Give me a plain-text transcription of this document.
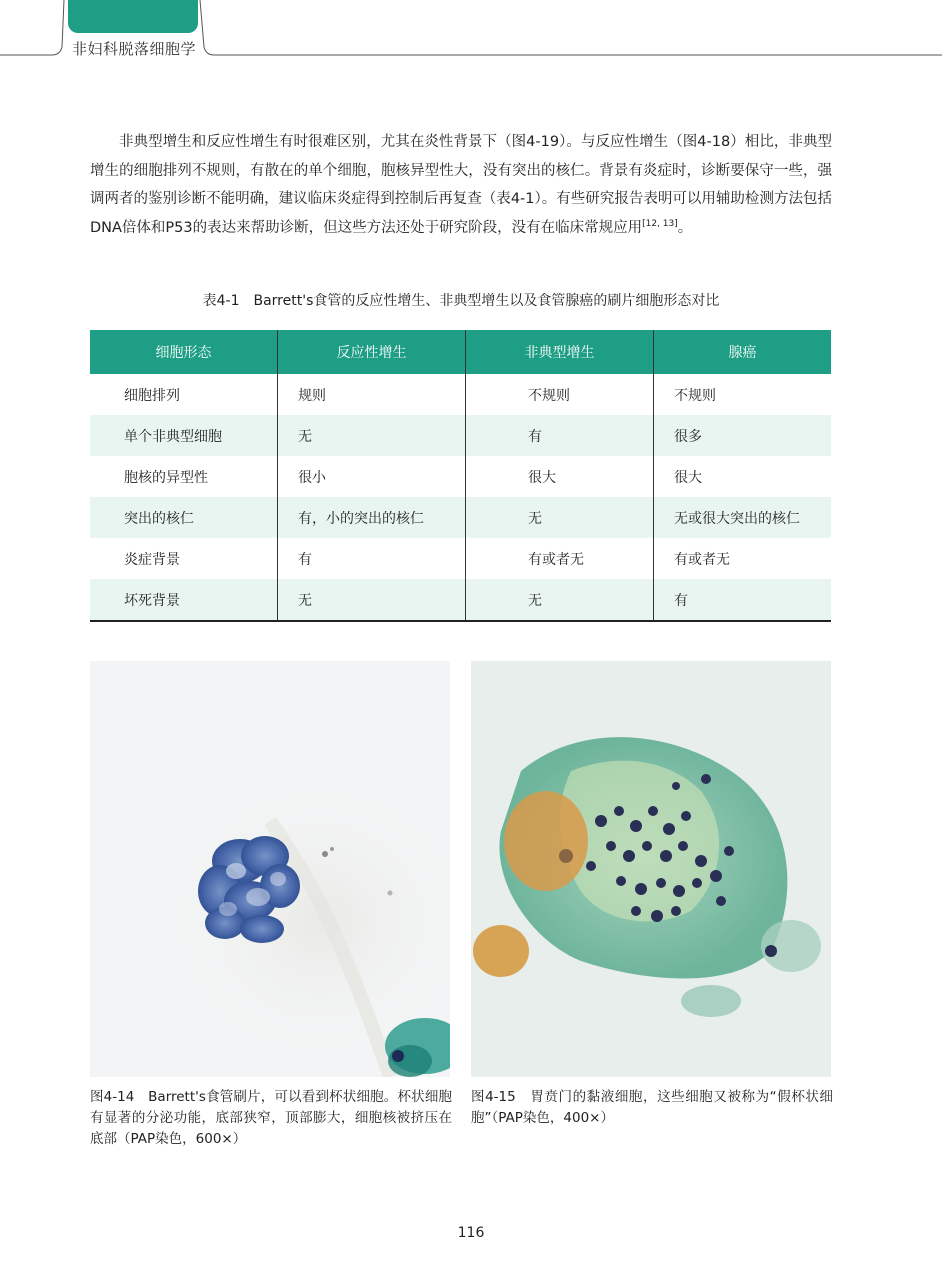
非妇科脱落细胞学

非典型增生和反应性增生有时很难区别，尤其在炎性背景下（图4-19）。与反应性增生（图4-18）相比，非典型增生的细胞排列不规则，有散在的单个细胞，胞核异型性大，没有突出的核仁。背景有炎症时，诊断要保守一些，强调两者的鉴别诊断不能明确，建议临床炎症得到控制后再复查（表4-1）。有些研究报告表明可以用辅助检测方法包括DNA倍体和P53的表达来帮助诊断，但这些方法还处于研究阶段，没有在临床常规应用[12, 13]。

表4-1　Barrett's食管的反应性增生、非典型增生以及食管腺癌的刷片细胞形态对比
细胞形态	反应性增生	非典型增生	腺癌
细胞排列	规则	不规则	不规则
单个非典型细胞	无	有	很多
胞核的异型性	很小	很大	很大
突出的核仁	有，小的突出的核仁	无	无或很大突出的核仁
炎症背景	有	有或者无	有或者无
坏死背景	无	无	有
图4-14　Barrett's食管刷片，可以看到杯状细胞。杯状细胞有显著的分泌功能，底部狭窄，顶部膨大，细胞核被挤压在底部（PAP染色，600×）
图4-15　胃贲门的黏液细胞，这些细胞又被称为“假杯状细胞”（PAP染色，400×）
116
